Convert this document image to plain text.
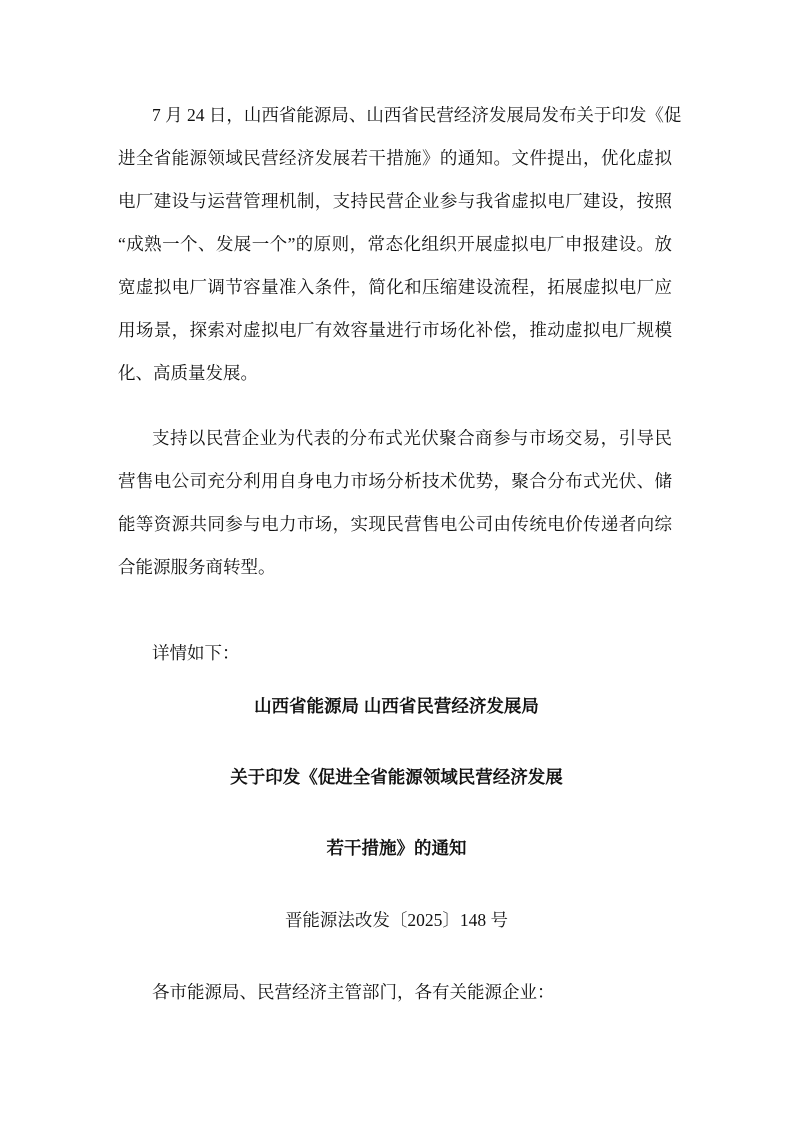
7 月 24 日，山西省能源局、山西省民营经济发展局发布关于印发《促
进全省能源领域民营经济发展若干措施》的通知。文件提出，优化虚拟
电厂建设与运营管理机制，支持民营企业参与我省虚拟电厂建设，按照
“成熟一个、发展一个”的原则，常态化组织开展虚拟电厂申报建设。放
宽虚拟电厂调节容量准入条件，简化和压缩建设流程，拓展虚拟电厂应
用场景，探索对虚拟电厂有效容量进行市场化补偿，推动虚拟电厂规模
化、高质量发展。
支持以民营企业为代表的分布式光伏聚合商参与市场交易，引导民
营售电公司充分利用自身电力市场分析技术优势，聚合分布式光伏、储
能等资源共同参与电力市场，实现民营售电公司由传统电价传递者向综
合能源服务商转型。
详情如下：
山西省能源局 山西省民营经济发展局
关于印发《促进全省能源领域民营经济发展
若干措施》的通知
晋能源法改发〔2025〕148 号
各市能源局、民营经济主管部门，各有关能源企业：
